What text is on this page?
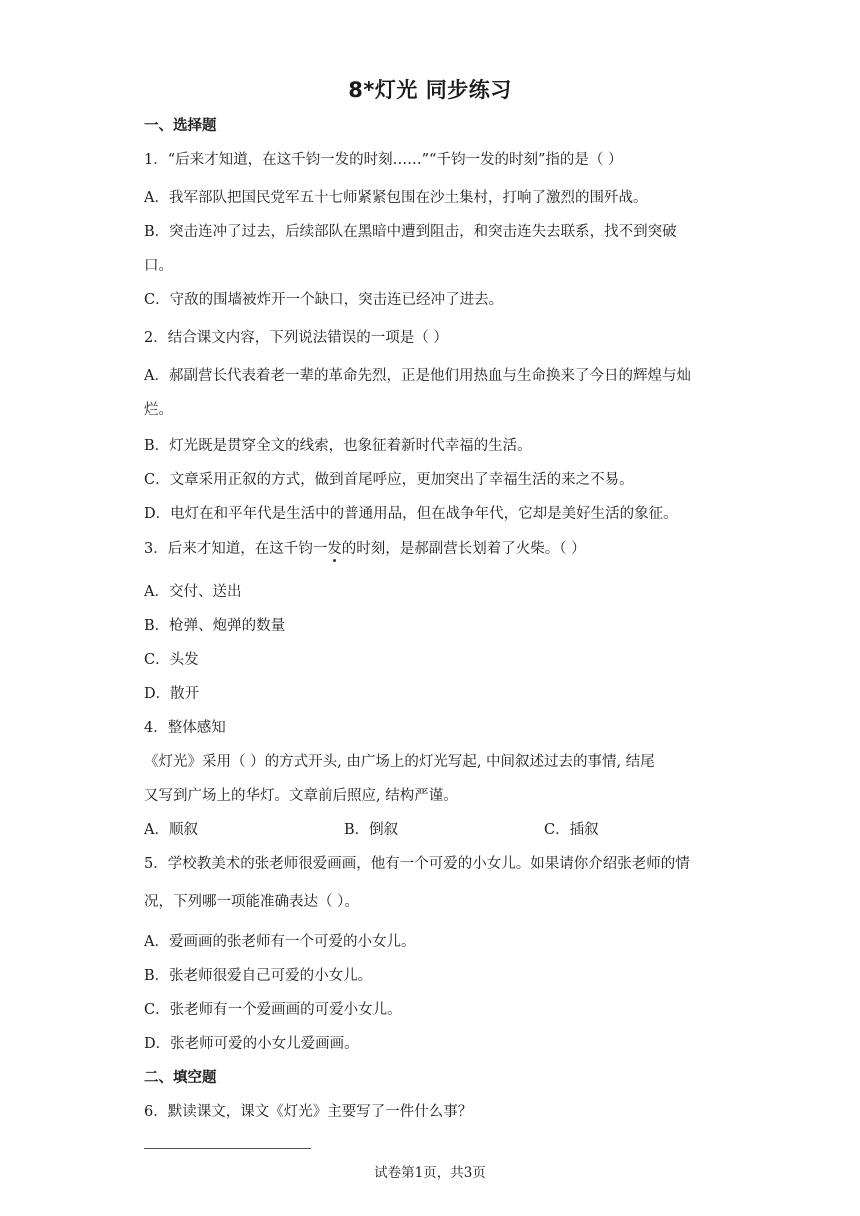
8*灯光 同步练习
一、选择题
1．“后来才知道，在这千钧一发的时刻……”“千钧一发的时刻”指的是（ ）
A．我军部队把国民党军五十七师紧紧包围在沙土集村，打响了激烈的围歼战。
B．突击连冲了过去，后续部队在黑暗中遭到阻击，和突击连失去联系，找不到突破
口。
C．守敌的围墙被炸开一个缺口，突击连已经冲了进去。
2．结合课文内容，下列说法错误的一项是（ ）
A．郝副营长代表着老一辈的革命先烈，正是他们用热血与生命换来了今日的辉煌与灿
烂。
B．灯光既是贯穿全文的线索，也象征着新时代幸福的生活。
C．文章采用正叙的方式，做到首尾呼应，更加突出了幸福生活的来之不易。
D．电灯在和平年代是生活中的普通用品，但在战争年代，它却是美好生活的象征。
3．后来才知道，在这千钧一发的时刻，是郝副营长划着了火柴。（ ）
A．交付、送出
B．枪弹、炮弹的数量
C．头发
D．散开
4．整体感知
《灯光》采用（ ）的方式开头, 由广场上的灯光写起, 中间叙述过去的事情, 结尾
又写到广场上的华灯。文章前后照应, 结构严谨。
A．顺叙	B．倒叙	C．插叙
5．学校教美术的张老师很爱画画，他有一个可爱的小女儿。如果请你介绍张老师的情
况，下列哪一项能准确表达（ ）。
A．爱画画的张老师有一个可爱的小女儿。
B．张老师很爱自己可爱的小女儿。
C．张老师有一个爱画画的可爱小女儿。
D．张老师可爱的小女儿爱画画。
二、填空题
6．默读课文，课文《灯光》主要写了一件什么事？
试卷第1页，共3页
